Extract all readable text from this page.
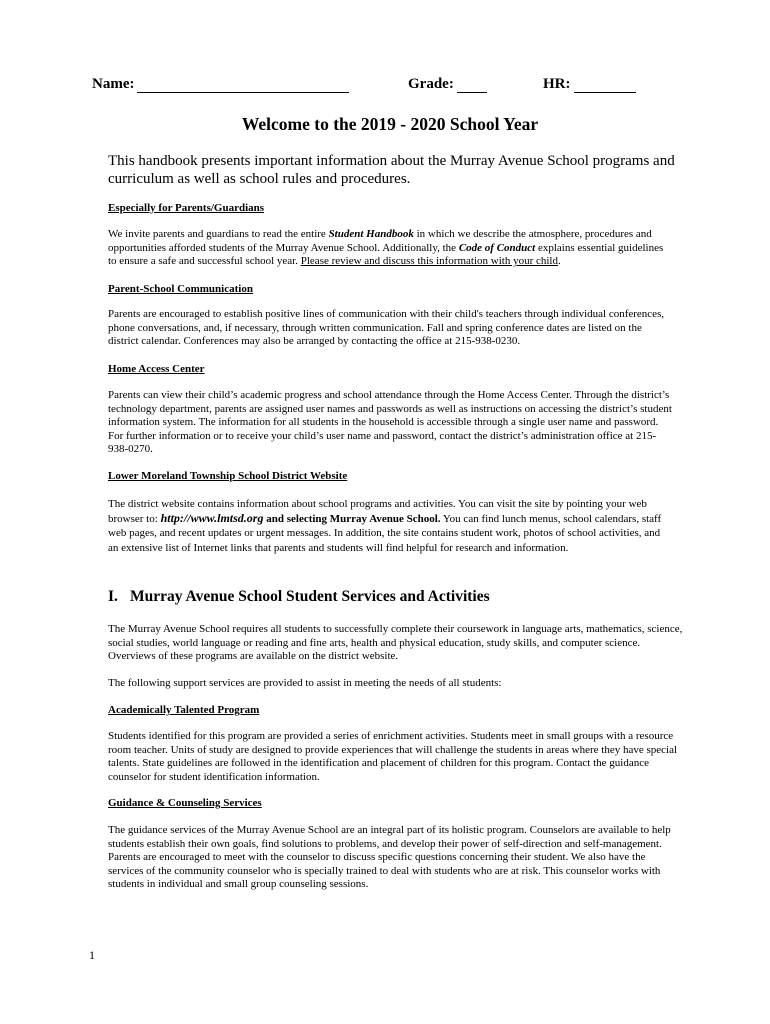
Name:	Grade:	HR:
Welcome to the 2019 - 2020 School Year
This handbook presents important information about the Murray Avenue School programs and curriculum as well as school rules and procedures.
Especially for Parents/Guardians
We invite parents and guardians to read the entire Student Handbook in which we describe the atmosphere, procedures and opportunities afforded students of the Murray Avenue School. Additionally, the Code of Conduct explains essential guidelines to ensure a safe and successful school year. Please review and discuss this information with your child.
Parent-School Communication
Parents are encouraged to establish positive lines of communication with their child's teachers through individual conferences, phone conversations, and, if necessary, through written communication. Fall and spring conference dates are listed on the district calendar. Conferences may also be arranged by contacting the office at 215-938-0230.
Home Access Center
Parents can view their child’s academic progress and school attendance through the Home Access Center. Through the district’s technology department, parents are assigned user names and passwords as well as instructions on accessing the district’s student information system. The information for all students in the household is accessible through a single user name and password. For further information or to receive your child’s user name and password, contact the district’s administration office at 215-938-0270.
Lower Moreland Township School District Website
The district website contains information about school programs and activities. You can visit the site by pointing your web browser to: http://www.lmtsd.org and selecting Murray Avenue School. You can find lunch menus, school calendars, staff web pages, and recent updates or urgent messages. In addition, the site contains student work, photos of school activities, and an extensive list of Internet links that parents and students will find helpful for research and information.
I. Murray Avenue School Student Services and Activities
The Murray Avenue School requires all students to successfully complete their coursework in language arts, mathematics, science, social studies, world language or reading and fine arts, health and physical education, study skills, and computer science. Overviews of these programs are available on the district website.
The following support services are provided to assist in meeting the needs of all students:
Academically Talented Program
Students identified for this program are provided a series of enrichment activities. Students meet in small groups with a resource room teacher. Units of study are designed to provide experiences that will challenge the students in areas where they have special talents. State guidelines are followed in the identification and placement of children for this program. Contact the guidance counselor for student identification information.
Guidance & Counseling Services
The guidance services of the Murray Avenue School are an integral part of its holistic program. Counselors are available to help students establish their own goals, find solutions to problems, and develop their power of self-direction and self-management. Parents are encouraged to meet with the counselor to discuss specific questions concerning their student. We also have the services of the community counselor who is specially trained to deal with students who are at risk. This counselor works with students in individual and small group counseling sessions.
1
